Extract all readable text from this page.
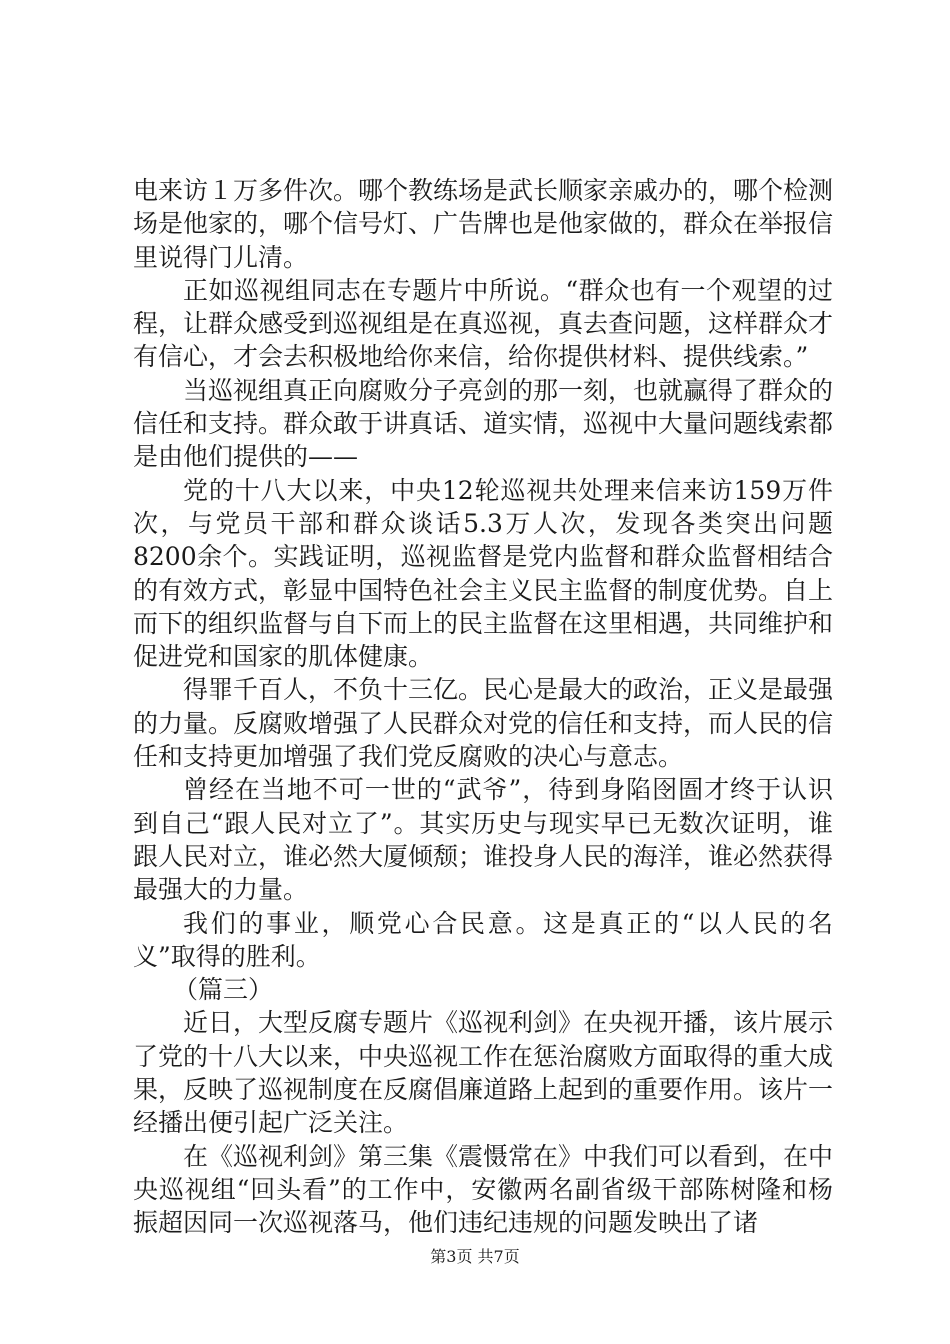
电来访１万多件次。哪个教练场是武长顺家亲戚办的，哪个检测场是他家的，哪个信号灯、广告牌也是他家做的，群众在举报信里说得门儿清。

正如巡视组同志在专题片中所说。“群众也有一个观望的过程，让群众感受到巡视组是在真巡视，真去查问题，这样群众才有信心，才会去积极地给你来信，给你提供材料、提供线索。”

当巡视组真正向腐败分子亮剑的那一刻，也就赢得了群众的信任和支持。群众敢于讲真话、道实情，巡视中大量问题线索都是由他们提供的——

党的十八大以来，中央12轮巡视共处理来信来访159万件次，与党员干部和群众谈话5.3万人次，发现各类突出问题8200余个。实践证明，巡视监督是党内监督和群众监督相结合的有效方式，彰显中国特色社会主义民主监督的制度优势。自上而下的组织监督与自下而上的民主监督在这里相遇，共同维护和促进党和国家的肌体健康。

得罪千百人，不负十三亿。民心是最大的政治，正义是最强的力量。反腐败增强了人民群众对党的信任和支持，而人民的信任和支持更加增强了我们党反腐败的决心与意志。

曾经在当地不可一世的“武爷”，待到身陷囹圄才终于认识到自己“跟人民对立了”。其实历史与现实早已无数次证明，谁跟人民对立，谁必然大厦倾颓；谁投身人民的海洋，谁必然获得最强大的力量。

我们的事业，顺党心合民意。这是真正的“以人民的名义”取得的胜利。

（篇三）

近日，大型反腐专题片《巡视利剑》在央视开播，该片展示了党的十八大以来，中央巡视工作在惩治腐败方面取得的重大成果，反映了巡视制度在反腐倡廉道路上起到的重要作用。该片一经播出便引起广泛关注。

在《巡视利剑》第三集《震慑常在》中我们可以看到，在中央巡视组“回头看”的工作中，安徽两名副省级干部陈树隆和杨振超因同一次巡视落马，他们违纪违规的问题发映出了诸

第3页 共7页
